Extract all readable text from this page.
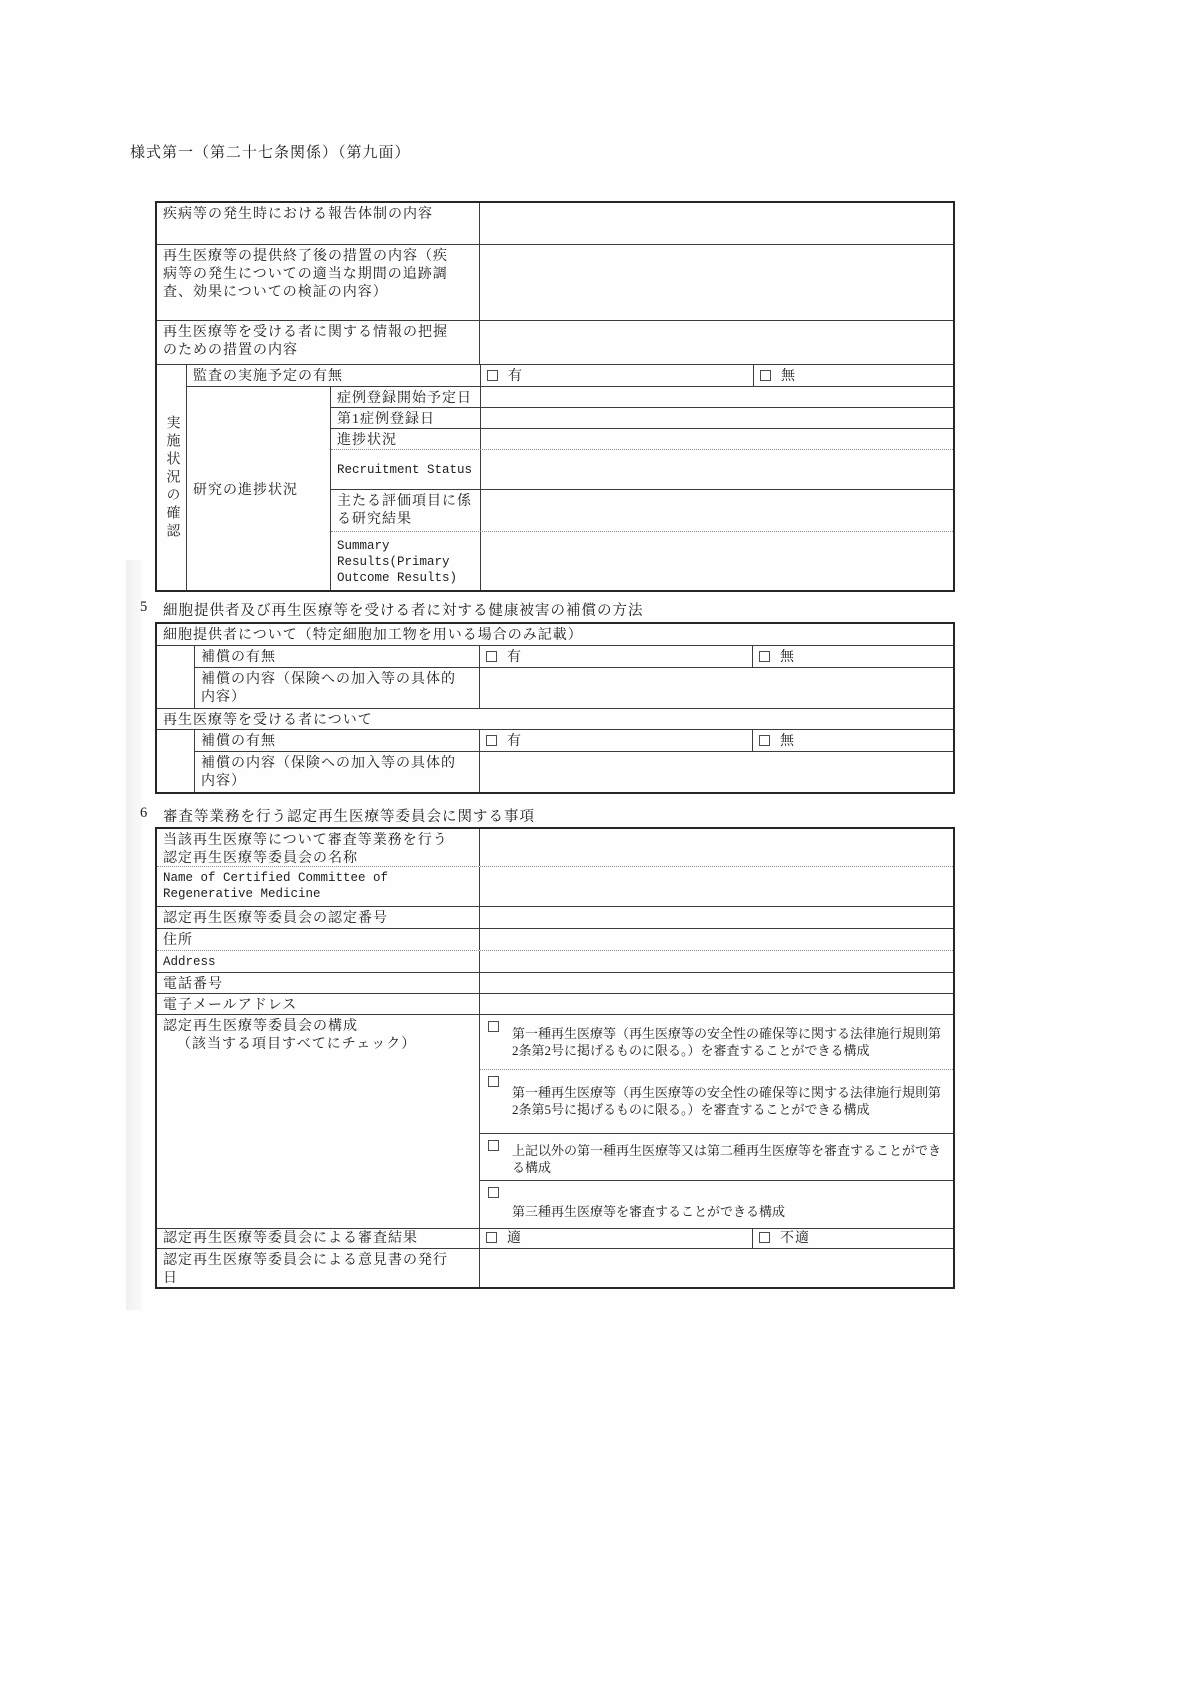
様式第一（第二十七条関係）（第九面）
疾病等の発生時における報告体制の内容
再生医療等の提供終了後の措置の内容（疾病等の発生についての適当な期間の追跡調査、効果についての検証の内容）
再生医療等を受ける者に関する情報の把握のための措置の内容
実施状況の確認
監査の実施予定の有無	有	無
研究の進捗状況
症例登録開始予定日
第1症例登録日
進捗状況
Recruitment Status
主たる評価項目に係る研究結果
Summary Results(Primary Outcome Results)
5	細胞提供者及び再生医療等を受ける者に対する健康被害の補償の方法
細胞提供者について（特定細胞加工物を用いる場合のみ記載）
補償の有無	有	無
補償の内容（保険への加入等の具体的内容）
再生医療等を受ける者について
補償の有無	有	無
補償の内容（保険への加入等の具体的内容）
6	審査等業務を行う認定再生医療等委員会に関する事項
当該再生医療等について審査等業務を行う認定再生医療等委員会の名称
Name of Certified Committee of Regenerative Medicine
認定再生医療等委員会の認定番号
住所
Address
電話番号
電子メールアドレス
認定再生医療等委員会の構成
（該当する項目すべてにチェック）
第一種再生医療等（再生医療等の安全性の確保等に関する法律施行規則第2条第2号に掲げるものに限る。）を審査することができる構成
第一種再生医療等（再生医療等の安全性の確保等に関する法律施行規則第2条第5号に掲げるものに限る。）を審査することができる構成
上記以外の第一種再生医療等又は第二種再生医療等を審査することができる構成
第三種再生医療等を審査することができる構成
認定再生医療等委員会による審査結果	適	不適
認定再生医療等委員会による意見書の発行日
